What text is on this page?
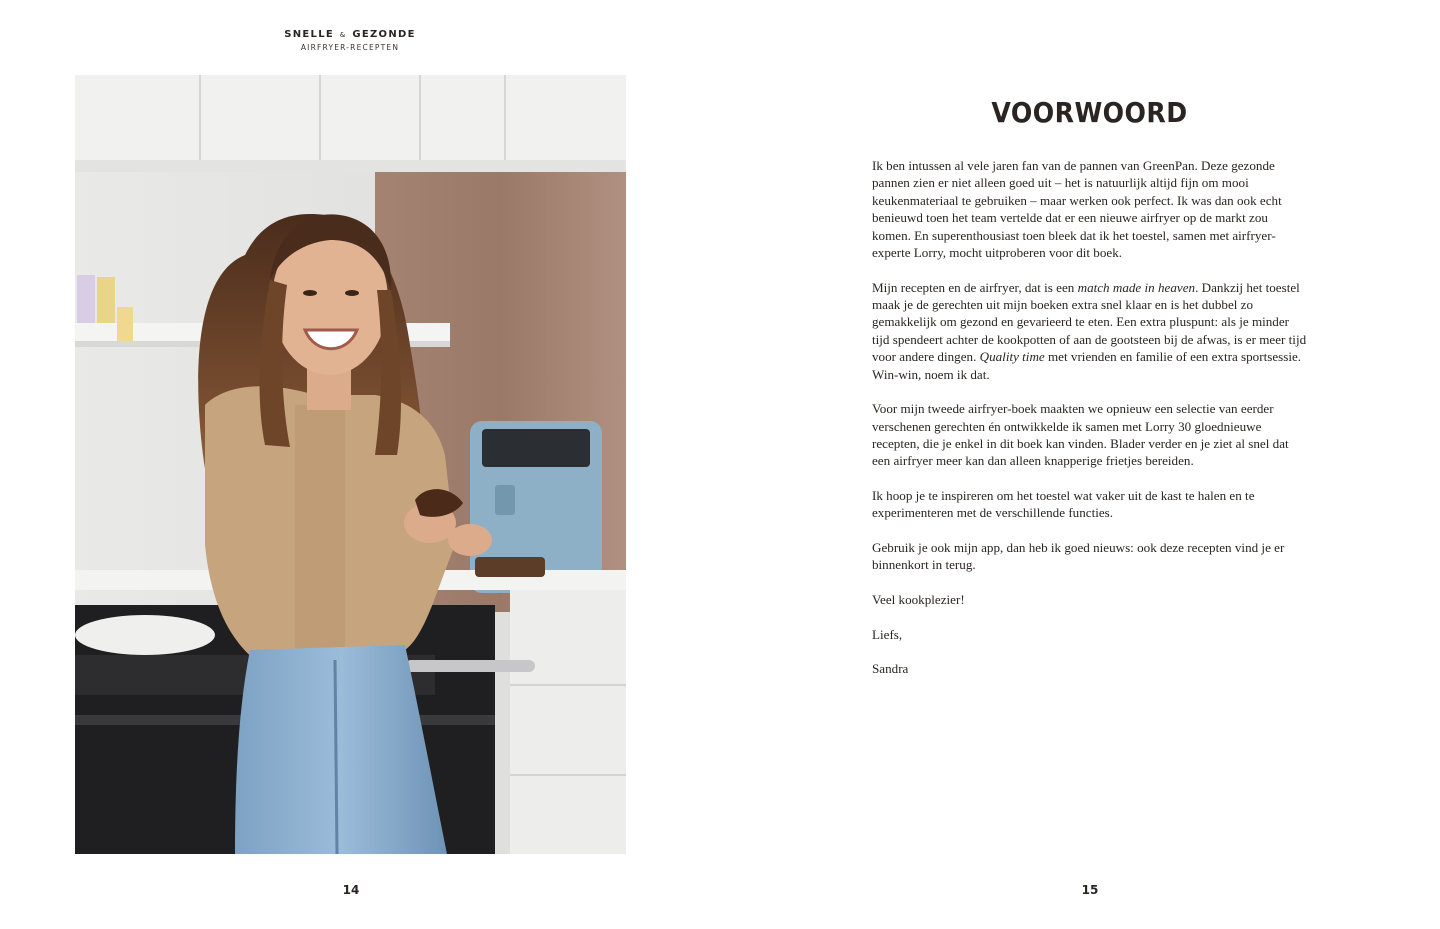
SNELLE & GEZONDE
AIRFRYER-RECEPTEN
14
VOORWOORD

Ik ben intussen al vele jaren fan van de pannen van GreenPan. Deze gezonde pannen zien er niet alleen goed uit – het is natuurlijk altijd fijn om mooi keukenmateriaal te gebruiken – maar werken ook perfect. Ik was dan ook echt benieuwd toen het team vertelde dat er een nieuwe airfryer op de markt zou komen. En superenthousiast toen bleek dat ik het toestel, samen met airfryer-experte Lorry, mocht uitproberen voor dit boek.

Mijn recepten en de airfryer, dat is een match made in heaven. Dankzij het toestel maak je de gerechten uit mijn boeken extra snel klaar en is het dubbel zo gemakkelijk om gezond en gevarieerd te eten. Een extra pluspunt: als je minder tijd spendeert achter de kookpotten of aan de gootsteen bij de afwas, is er meer tijd voor andere dingen. Quality time met vrienden en familie of een extra sportsessie. Win-win, noem ik dat.

Voor mijn tweede airfryer-boek maakten we opnieuw een selectie van eerder verschenen gerechten én ontwikkelde ik samen met Lorry 30 gloednieuwe recepten, die je enkel in dit boek kan vinden. Blader verder en je ziet al snel dat een airfryer meer kan dan alleen knapperige frietjes bereiden.

Ik hoop je te inspireren om het toestel wat vaker uit de kast te halen en te experimenteren met de verschillende functies.

Gebruik je ook mijn app, dan heb ik goed nieuws: ook deze recepten vind je er binnenkort in terug.

Veel kookplezier!

Liefs,

Sandra

15
